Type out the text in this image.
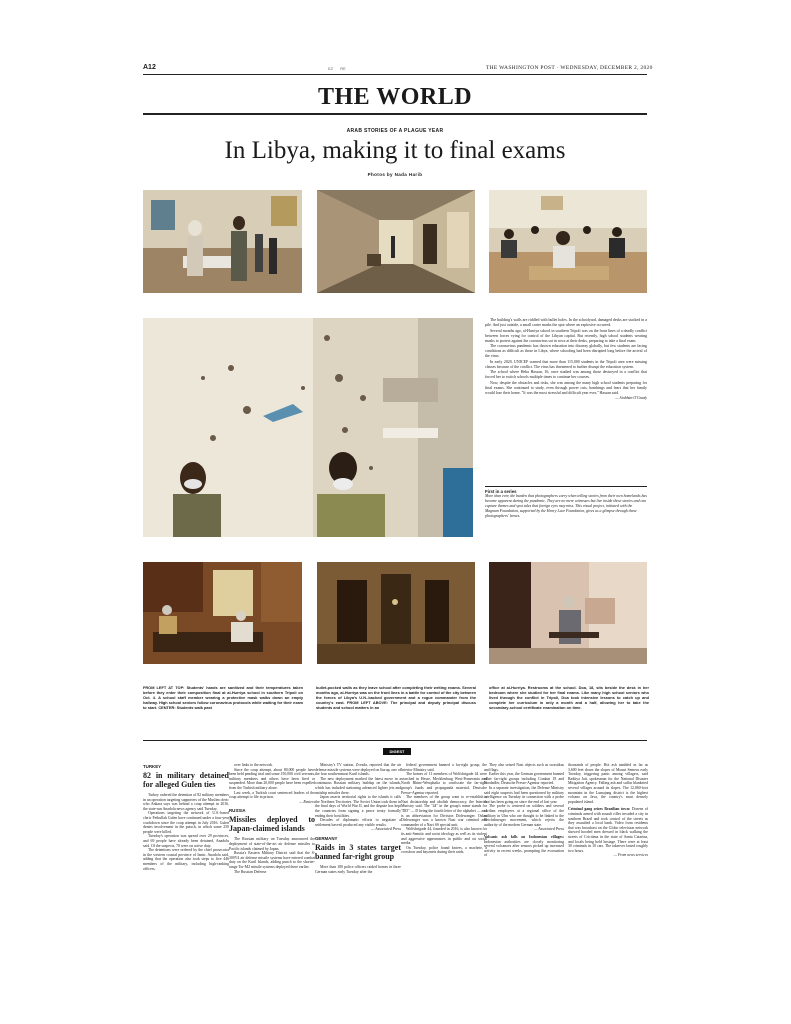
A12	EZ RE	THE WASHINGTON POST · WEDNESDAY, DECEMBER 2, 2020
THE WORLD
ARAB STORIES OF A PLAGUE YEAR
In Libya, making it to final exams
Photos by Nada Harib

The building's walls are riddled with bullet holes. In the schoolyard, damaged desks are stacked in a pile. And just outside, a small crater marks the spot where an explosive occurred.

Several months ago, al-Hurriya school in southern Tripoli was on the front lines of a deadly conflict between forces vying for control of the Libyan capital. But recently, high school students wearing masks to protect against the coronavirus sat in rows at their desks, preparing to take a final exam.

The coronavirus pandemic has thrown education into disarray globally, but few students are facing conditions as difficult as those in Libya, where schooling had been disrupted long before the arrival of the virus.

In early 2020, UNICEF warned that more than 115,000 students in the Tripoli area were missing classes because of the conflict. The virus has threatened to further disrupt the education system.

The school where Heba Hassan, 16, once studied was among those destroyed in a conflict that forced her to switch schools multiple times to continue her courses.

Now, despite the obstacles and risks, she was among the many high school students preparing for final exams. She continued to study, even through power cuts, bombings and fears that her family would lose their home. "It was the most stressful and difficult year ever," Hassan said.

— Siobhán O'Grady

First in a series
More than ever, the burden that photographers carry when telling stories from their own homelands has become apparent during the pandemic. They are no mere witnesses but live inside these stories and can capture themes and spot tales that foreign eyes may miss. This visual project, initiated with the Magnum Foundation, supported by the Henry Luce Foundation, gives us a glimpse through these photographers' lenses.
FROM LEFT AT TOP: Students' hands are sanitized and their temperatures taken before they enter their composition final at al-Hurriya school in southern Tripoli on Oct. 4. A school staff member wearing a protective mask walks down an empty hallway. High school seniors follow coronavirus protocols while waiting for their exam to start. CENTER: Students walk past
bullet-pocked walls as they leave school after completing their writing exams. Several months ago, al-Hurriya was on the front lines in a battle for control of the city between the forces of Libya's U.N.-backed government and a rogue commander from the country's east. FROM LEFT ABOVE: The principal and deputy principal discuss students and school matters in an
office at al-Hurriya. Restrooms at the school. Doa, 18, sits beside the desk in her bedroom where she studied for her final exams. Like many high school seniors who lived through the conflict in Tripoli, Doa took intensive lessons to catch up and complete her curriculum in only a month and a half, allowing her to take the secondary-school certificate examination on time.
DIGEST

TURKEY

82 in military detained for alleged Gulen ties

Turkey ordered the detention of 82 military members in an operation targeting supporters of the Muslim cleric who Ankara says was behind a coup attempt in 2016, the state-run Anadolu news agency said Tuesday.

Operations targeting the network of U.S.-based cleric Fethullah Gulen have continued under a four-year crackdown since the coup attempt in July 2016. Gulen denies involvement in the putsch, in which some 250 people were killed.

Tuesday's operation was spread over 29 provinces, and 69 people have already been detained, Anadolu said. Of the suspects, 70 were on active duty.

The detentions were ordered by the chief prosecutor in the western coastal province of Izmir, Anadolu said, adding that the operation also took steps to five 446 members of the military, including high-ranking officers,

over links to the network.

Since the coup attempt, about 80,000 people have been held pending trial and some 150,000 civil servants, military members and others have been fired or suspended. More than 20,000 people have been expelled from the Turkish military alone.

Last week, a Turkish court sentenced leaders of the coup attempt to life in prison.

— Reuters

RUSSIA

Missiles deployed to Japan-claimed islands

The Russian military on Tuesday announced the deployment of state-of-the-art air defense missiles to Pacific islands claimed by Japan.

Russia's Eastern Military District said that the S-300V4 air defense missile systems have entered combat duty on the Kuril Islands, adding punch to the shorter-range Tor-M2 missile systems deployed there earlier.

The Russian Defense

Ministry's TV station, Zvezda, reported that the air defense missile systems were deployed on Iturup, one of the four southernmost Kuril islands.

The new deployment marked the latest move in a continuous Russian military buildup on the islands, which has included stationing advanced fighter jets and antiship missiles there.

Japan asserts territorial rights to the islands it calls the Northern Territories. The Soviet Union took them in the final days of World War II, and the dispute has kept the countries from signing a peace treaty formally ending their hostilities.

Decades of diplomatic efforts to negotiate a settlement haven't produced any visible results.

— Associated Press

GERMANY

Raids in 3 states target banned far-right group

More than 180 police officers raided homes in three German states early Tuesday after the

federal government banned a far-right group, the Interior Ministry said.

The homes of 11 members of Wolfsbrigade 44 were searched in Hesse, Mecklenburg West-Pomerania and North Rhine-Westphalia to confiscate the far-right group's funds and propaganda material, Deutsche Presse-Agentur reported.

The members of the group want to re-establish a Nazi dictatorship and abolish democracy, the Interior Ministry said. The "44" in the group's name stands for "DD" — D being the fourth letter of the alphabet — and is an abbreviation for Division Dirlewanger. Oskar Dirlewanger was a known Nazi war criminal and commander of a Nazi SS special unit.

Wolfsbrigade 44, founded in 2016, is also known for its anti-Semitic and racist ideology as well as its violent and aggressive appearances in public and on social media.

On Tuesday, police found knives, a machete, a crossbow and bayonets during their raids.

They also seized Nazi objects such as swastikas and flags.

Earlier this year, the German government banned other far-right groups including Combat 18 and Nordadler, Deutsche Presse-Agentur reported.

In a separate investigation, the Defense Ministry said eight suspects had been questioned by military intelligence on Tuesday in connection with a probe that has been going on since the end of last year.

The probe is centered on soldiers and several civilian employees at a regional office of the military in Ulm who are thought to be linked to the Reichsbuerger movement, which rejects the authority of the modern German state.

— Associated Press

Volcanic ash falls on Indonesian villages: Indonesian authorities are closely monitoring several volcanoes after sensors picked up increased activity in recent weeks, prompting the evacuation of

thousands of people. Hot ash tumbled as far as 3,600 feet down the slopes of Mount Semeru early Tuesday, triggering panic among villagers, said Raditya Jati, spokesman for the National Disaster Mitigation Agency. Falling ash and sulfur blanketed several villages around its slopes. The 12,060-foot mountain in the Lumajang district is the highest volcano on Java, the country's most densely populated island.

Criminal gang seizes Brazilian town: Dozens of criminals armed with assault rifles invaded a city in southern Brazil and took control of the streets as they assaulted a local bank. Video from residents that was broadcast on the Globo television network showed hooded men dressed in black walking the streets of Criciúma in the state of Santa Catarina, and locals being held hostage. There were at least 30 criminals in 10 cars. The takeover lasted roughly two hours.

— From news services
